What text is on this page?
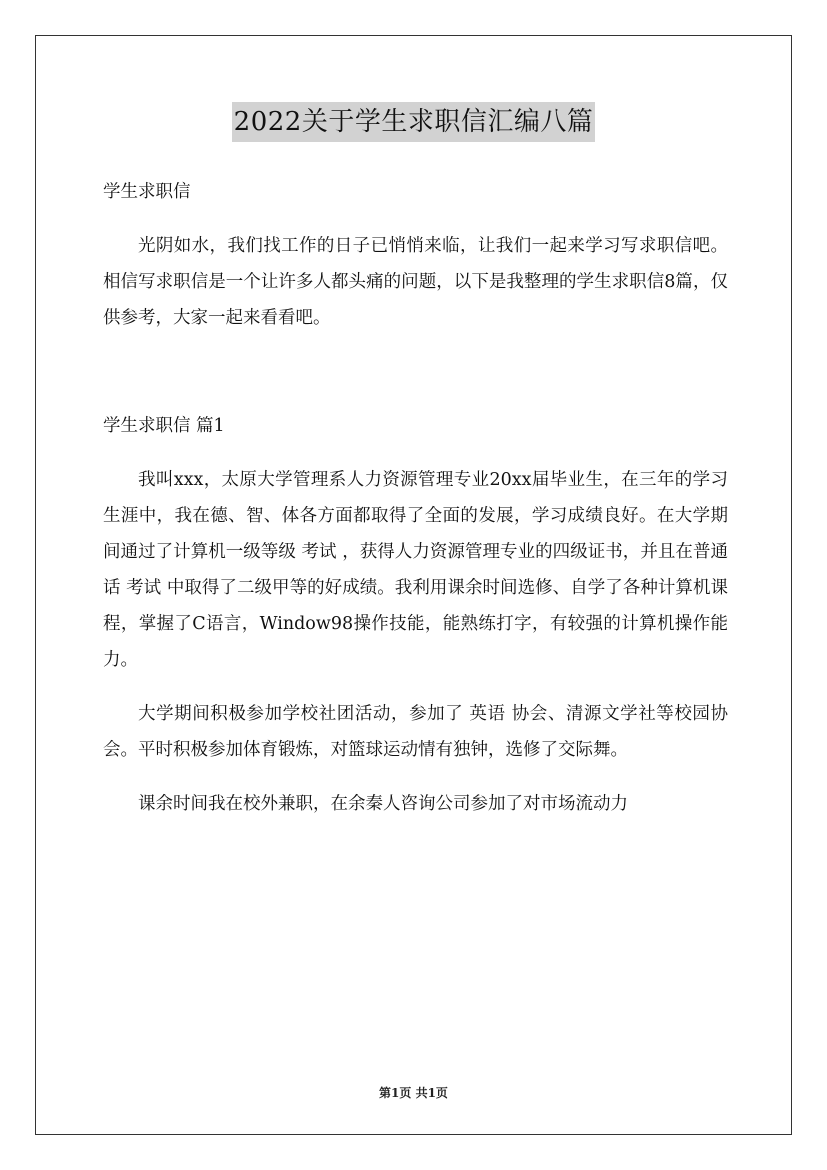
2022关于学生求职信汇编八篇

学生求职信

光阴如水，我们找工作的日子已悄悄来临，让我们一起来学习写求职信吧。相信写求职信是一个让许多人都头痛的问题，以下是我整理的学生求职信8篇，仅供参考，大家一起来看看吧。

学生求职信 篇1

我叫xxx，太原大学管理系人力资源管理专业20xx届毕业生，在三年的学习生涯中，我在德、智、体各方面都取得了全面的发展，学习成绩良好。在大学期间通过了计算机一级等级 考试 ，获得人力资源管理专业的四级证书，并且在普通话 考试 中取得了二级甲等的好成绩。我利用课余时间选修、自学了各种计算机课程，掌握了C语言，Window98操作技能，能熟练打字，有较强的计算机操作能力。

大学期间积极参加学校社团活动，参加了 英语 协会、清源文学社等校园协会。平时积极参加体育锻炼，对篮球运动情有独钟，选修了交际舞。

课余时间我在校外兼职，在余秦人咨询公司参加了对市场流动力

第1页 共1页
